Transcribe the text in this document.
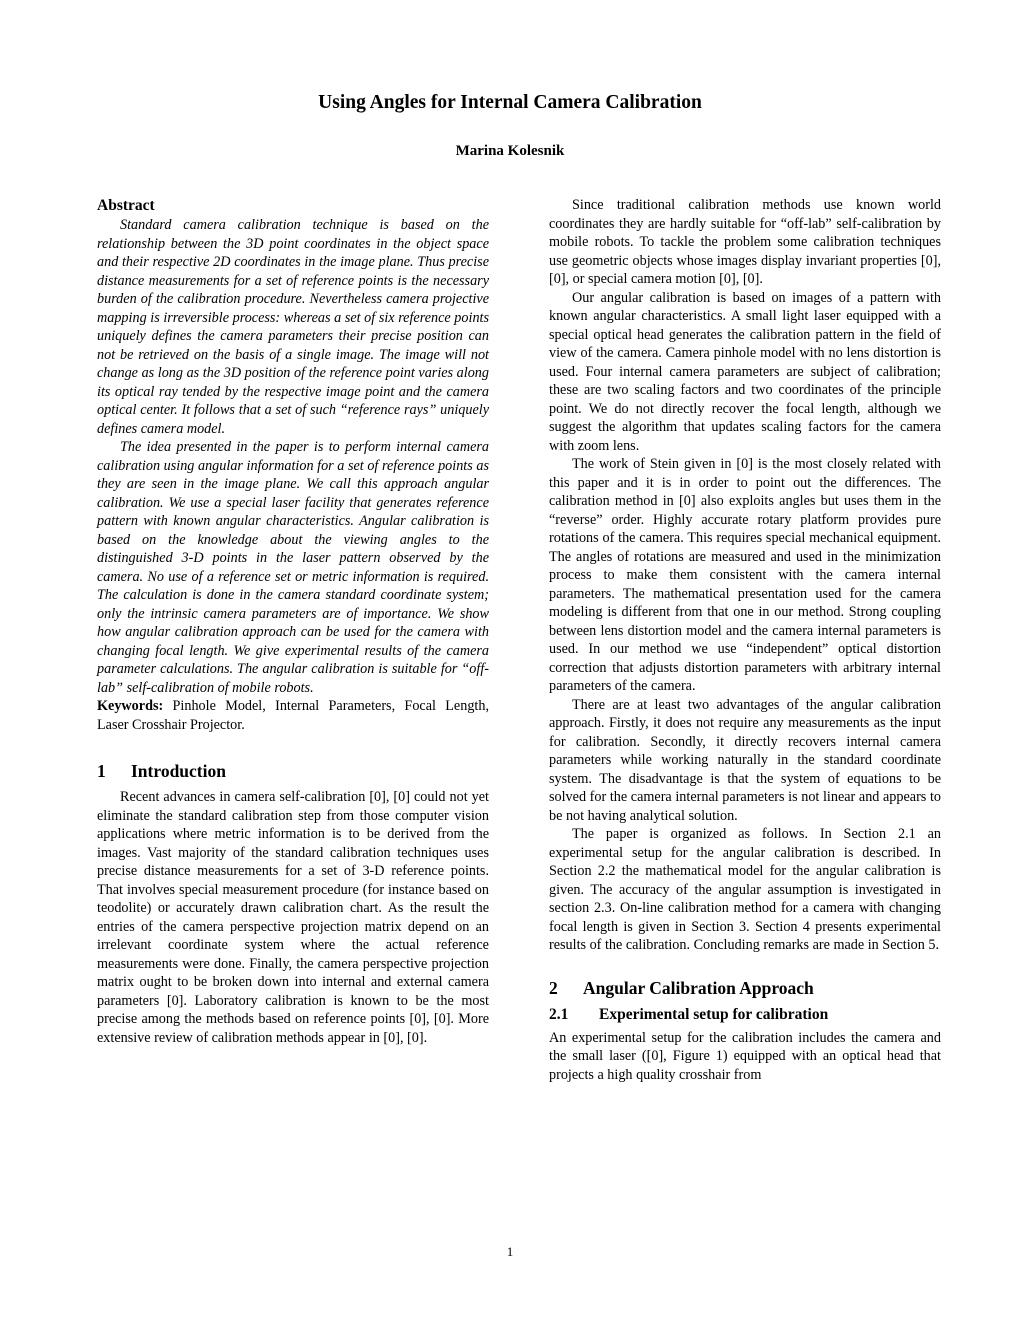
Using Angles for Internal Camera Calibration
Marina Kolesnik
Abstract

Standard camera calibration technique is based on the relationship between the 3D point coordinates in the object space and their respective 2D coordinates in the image plane. Thus precise distance measurements for a set of reference points is the necessary burden of the calibration procedure. Nevertheless camera projective mapping is irreversible process: whereas a set of six reference points uniquely defines the camera parameters their precise position can not be retrieved on the basis of a single image. The image will not change as long as the 3D position of the reference point varies along its optical ray tended by the respective image point and the camera optical center. It follows that a set of such “reference rays” uniquely defines camera model.

The idea presented in the paper is to perform internal camera calibration using angular information for a set of reference points as they are seen in the image plane. We call this approach angular calibration. We use a special laser facility that generates reference pattern with known angular characteristics. Angular calibration is based on the knowledge about the viewing angles to the distinguished 3-D points in the laser pattern observed by the camera. No use of a reference set or metric information is required. The calculation is done in the camera standard coordinate system; only the intrinsic camera parameters are of importance. We show how angular calibration approach can be used for the camera with changing focal length. We give experimental results of the camera parameter calculations. The angular calibration is suitable for “off-lab” self-calibration of mobile robots.

Keywords: Pinhole Model, Internal Parameters, Focal Length, Laser Crosshair Projector.

1 Introduction

Recent advances in camera self-calibration [0], [0] could not yet eliminate the standard calibration step from those computer vision applications where metric information is to be derived from the images. Vast majority of the standard calibration techniques uses precise distance measurements for a set of 3-D reference points. That involves special measurement procedure (for instance based on teodolite) or accurately drawn calibration chart. As the result the entries of the camera perspective projection matrix depend on an irrelevant coordinate system where the actual reference measurements were done. Finally, the camera perspective projection matrix ought to be broken down into internal and external camera parameters [0]. Laboratory calibration is known to be the most precise among the methods based on reference points [0], [0]. More extensive review of calibration methods appear in [0], [0].

Since traditional calibration methods use known world coordinates they are hardly suitable for “off-lab” self-calibration by mobile robots. To tackle the problem some calibration techniques use geometric objects whose images display invariant properties [0], [0], or special camera motion [0], [0].

Our angular calibration is based on images of a pattern with known angular characteristics. A small light laser equipped with a special optical head generates the calibration pattern in the field of view of the camera. Camera pinhole model with no lens distortion is used. Four internal camera parameters are subject of calibration; these are two scaling factors and two coordinates of the principle point. We do not directly recover the focal length, although we suggest the algorithm that updates scaling factors for the camera with zoom lens.

The work of Stein given in [0] is the most closely related with this paper and it is in order to point out the differences. The calibration method in [0] also exploits angles but uses them in the “reverse” order. Highly accurate rotary platform provides pure rotations of the camera. This requires special mechanical equipment. The angles of rotations are measured and used in the minimization process to make them consistent with the camera internal parameters. The mathematical presentation used for the camera modeling is different from that one in our method. Strong coupling between lens distortion model and the camera internal parameters is used. In our method we use “independent” optical distortion correction that adjusts distortion parameters with arbitrary internal parameters of the camera.

There are at least two advantages of the angular calibration approach. Firstly, it does not require any measurements as the input for calibration. Secondly, it directly recovers internal camera parameters while working naturally in the standard coordinate system. The disadvantage is that the system of equations to be solved for the camera internal parameters is not linear and appears to be not having analytical solution.

The paper is organized as follows. In Section 2.1 an experimental setup for the angular calibration is described. In Section 2.2 the mathematical model for the angular calibration is given. The accuracy of the angular assumption is investigated in section 2.3. On-line calibration method for a camera with changing focal length is given in Section 3. Section 4 presents experimental results of the calibration. Concluding remarks are made in Section 5.

2 Angular Calibration Approach
2.1 Experimental setup for calibration

An experimental setup for the calibration includes the camera and the small laser ([0], Figure 1) equipped with an optical head that projects a high quality crosshair from

1
